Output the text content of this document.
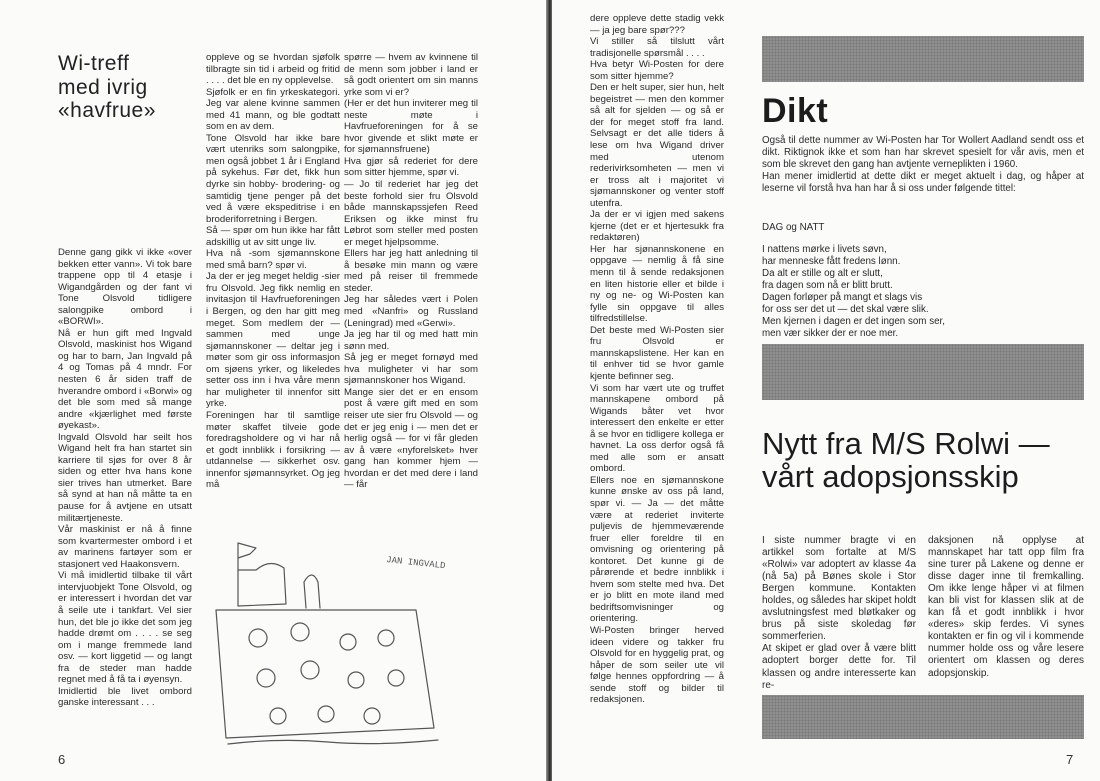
Wi-treff
med ivrig
«havfrue»
Denne gang gikk vi ikke «over bekken etter vann». Vi tok bare trappene opp til 4 etasje i Wigandgården og der fant vi Tone Olsvold tidligere salongpike ombord i «BORWI».
Nå er hun gift med Ingvald Olsvold, maskinist hos Wigand og har to barn, Jan Ingvald på 4 og Tomas på 4 mndr. For nesten 6 år siden traff de hverandre ombord i «Borwi» og det ble som med så mange andre «kjærlighet med første øyekast».
Ingvald Olsvold har seilt hos Wigand helt fra han startet sin karriere til sjøs for over 8 år siden og etter hva hans kone sier trives han utmerket. Bare så synd at han nå måtte ta en pause for å avtjene en utsatt militærtjeneste.
Vår maskinist er nå å finne som kvartermester ombord i et av marinens fartøyer som er stasjonert ved Haakonsvern.
Vi må imidlertid tilbake til vårt intervjuobjekt Tone Olsvold, og er interessert i hvordan det var å seile ute i tankfart. Vel sier hun, det ble jo ikke det som jeg hadde drømt om . . . . se seg om i mange fremmede land osv. — kort liggetid — og langt fra de steder man hadde regnet med å få ta i øyensyn.
Imidlertid ble livet ombord ganske interessant . . .
oppleve og se hvordan sjøfolk tilbragte sin tid i arbeid og fritid . . . . det ble en ny opplevelse.
Sjøfolk er en fin yrkeskategori. Jeg var alene kvinne sammen med 41 mann, og ble godtatt som en av dem.
Tone Olsvold har ikke bare vært utenriks som salongpike, men også jobbet 1 år i England på sykehus. Før det, fikk hun dyrke sin hobby- brodering- og samtidig tjene penger på det ved å være ekspeditrise i en broderiforretning i Bergen.
Så — spør om hun ikke har fått adskillig ut av sitt unge liv.
Hva nå -som sjømannskone med små barn? spør vi.
Ja der er jeg meget heldig -sier fru Olsvold. Jeg fikk nemlig en invitasjon til Havfrueforeningen i Bergen, og den har gitt meg meget. Som medlem der — sammen med unge sjømannskoner — deltar jeg i møter som gir oss informasjon om sjøens yrker, og likeledes setter oss inn i hva våre menn har muligheter til innenfor sitt yrke.
Foreningen har til samtlige møter skaffet tilveie gode foredragsholdere og vi har nå et godt innblikk i forsikring — utdannelse — sikkerhet osv. innenfor sjømannsyrket. Og jeg må
spørre — hvem av kvinnene til de menn som jobber i land er så godt orientert om sin manns yrke som vi er?
(Her er det hun inviterer meg til neste møte i Havfrueforeningen for å se hvor givende et slikt møte er for sjømannsfruene)
Hva gjør så rederiet for dere som sitter hjemme, spør vi.
— Jo til rederiet har jeg det beste forhold sier fru Olsvold både mannskapssjefen Reed Eriksen og ikke minst fru Løbrot som steller med posten er meget hjelpsomme.
Ellers har jeg hatt anledning til å besøke min mann og være med på reiser til fremmede steder.
Jeg har således vært i Polen med «Nanfri» og Russland (Leningrad) med «Gerwi».
Ja jeg har til og med hatt min sønn med.
Så jeg er meget fornøyd med hva muligheter vi har som sjømannskoner hos Wigand.
Mange sier det er en ensom post å være gift med en som reiser ute sier fru Olsvold — og det er jeg enig i — men det er herlig også — for vi får gleden av å være «nyforelsket» hver gang han kommer hjem — hvordan er det med dere i land — får
JAN INGVALD
6
dere oppleve dette stadig vekk — ja jeg bare spør???
Vi stiller så tilslutt vårt tradisjonelle spørsmål . . . .
Hva betyr Wi-Posten for dere som sitter hjemme?
Den er helt super, sier hun, helt begeistret — men den kommer så alt for sjelden — og så er der for meget stoff fra land. Selvsagt er det alle tiders å lese om hva Wigand driver med utenom rederivirksomheten — men vi er tross alt i majoritet vi sjømannskoner og venter stoff utenfra.
Ja der er vi igjen med sakens kjerne (det er et hjertesukk fra redaktøren)
Her har sjønannskonene en oppgave — nemlig å få sine menn til å sende redaksjonen en liten historie eller et bilde i ny og ne- og Wi-Posten kan fylle sin oppgave til alles tilfredstillelse.
Det beste med Wi-Posten sier fru Olsvold er mannskapslistene. Her kan en til enhver tid se hvor gamle kjente befinner seg.
Vi som har vært ute og truffet mannskapene ombord på Wigands båter vet hvor interessert den enkelte er etter å se hvor en tidligere kollega er havnet. La oss derfor også få med alle som er ansatt ombord.
Ellers noe en sjømannskone kunne ønske av oss på land, spør vi. — Ja — det måtte være at rederiet inviterte puljevis de hjemmeværende fruer eller foreldre til en omvisning og orientering på kontoret. Det kunne gi de pårørende et bedre innblikk i hvem som stelte med hva. Det er jo blitt en mote iland med bedriftsomvisninger og orientering.
Wi-Posten bringer herved ideen videre og takker fru Olsvold for en hyggelig prat, og håper de som seiler ute vil følge hennes oppfordring — å sende stoff og bilder til redaksjonen.
Dikt
Også til dette nummer av Wi-Posten har Tor Wollert Aadland sendt oss et dikt. Riktignok ikke et som han har skrevet spesielt for vår avis, men et som ble skrevet den gang han avtjente verneplikten i 1960.
Han mener imidlertid at dette dikt er meget aktuelt i dag, og håper at leserne vil forstå hva han har å si oss under følgende tittel:
DAG og NATT
I nattens mørke i livets søvn,
har menneske fått fredens lønn.
Da alt er stille og alt er slutt,
fra dagen som nå er blitt brutt.
Dagen forløper på mangt et slags vis
for oss ser det ut — det skal være slik.
Men kjernen i dagen er det ingen som ser,
men vær sikker der er noe mer.
Nytt fra M/S Rolwi —
vårt adopsjonsskip
I siste nummer bragte vi en artikkel som fortalte at M/S «Rolwi» var adoptert av klasse 4a (nå 5a) på Bønes skole i Stor Bergen kommune. Kontakten holdes, og således har skipet holdt avslutningsfest med bløtkaker og brus på siste skoledag før sommerferien.
At skipet er glad over å være blitt adoptert borger dette for. Til klassen og andre interesserte kan re-
daksjonen nå opplyse at mannskapet har tatt opp film fra sine turer på Lakene og denne er disse dager inne til fremkalling. Om ikke lenge håper vi at filmen kan bli vist for klassen slik at de kan få et godt innblikk i hvor «deres» skip ferdes. Vi synes kontakten er fin og vil i kommende nummer holde oss og våre lesere orientert om klassen og deres adopsjonskip.
7
